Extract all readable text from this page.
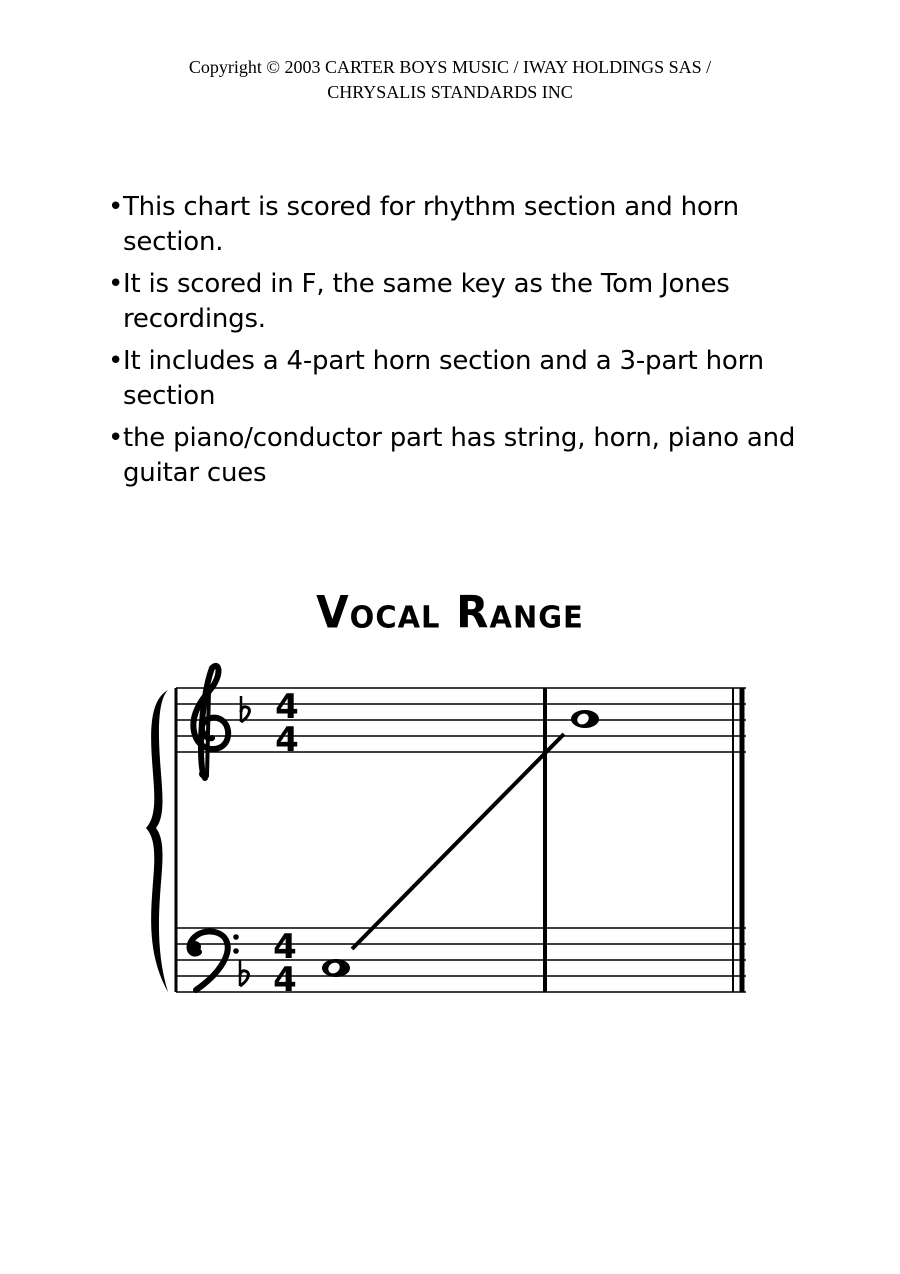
Copyright © 2003 CARTER BOYS MUSIC / IWAY HOLDINGS SAS /
CHRYSALIS STANDARDS INC
• This chart is scored for rhythm section and horn section.
• It is scored in F, the same key as the Tom Jones recordings.
• It includes a 4-part horn section and a 3-part horn section
• the piano/conductor part has string, horn, piano and guitar cues
Vocal Range
4
4
4
4
